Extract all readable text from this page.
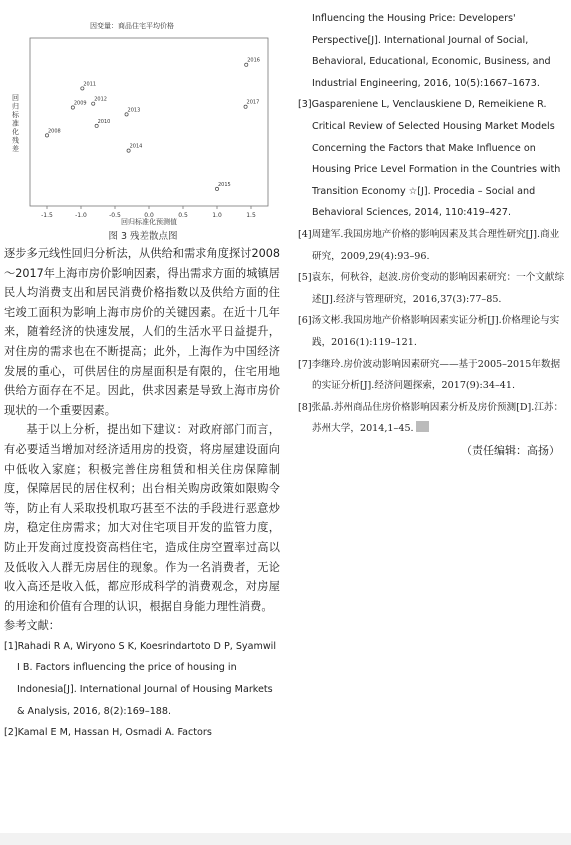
因变量：商品住宅平均价格
回归标准化预测值
回归标准化残差
-1.5	-1.0	-0.5	0.0	0.5	1.0	1.5
2008
2009
2011
2012
2010
2013
2014
2015
2016
2017
图 3 残差散点图

逐步多元线性回归分析法，从供给和需求角度探讨2008～2017年上海市房价影响因素，得出需求方面的城镇居民人均消费支出和居民消费价格指数以及供给方面的住宅竣工面积为影响上海市房价的关键因素。在近十几年来，随着经济的快速发展，人们的生活水平日益提升，对住房的需求也在不断提高；此外，上海作为中国经济发展的重心，可供居住的房屋面积是有限的，住宅用地供给方面存在不足。因此，供求因素是导致上海市房价现状的一个重要因素。

基于以上分析，提出如下建议：对政府部门而言，有必要适当增加对经济适用房的投资，将房屋建设面向中低收入家庭；积极完善住房租赁和相关住房保障制度，保障居民的居住权利；出台相关购房政策如限购令等，防止有人采取投机取巧甚至不法的手段进行恶意炒房，稳定住房需求；加大对住宅项目开发的监管力度，防止开发商过度投资高档住宅，造成住房空置率过高以及低收入人群无房居住的现象。作为一名消费者，无论收入高还是收入低，都应形成科学的消费观念，对房屋的用途和价值有合理的认识，根据自身能力理性消费。

参考文献：

[1]Rahadi R A, Wiryono S K, Koesrindartoto D P, Syamwil I B. Factors influencing the price of housing in Indonesia[J]. International Journal of Housing Markets & Analysis, 2016, 8(2):169–188.

[2]Kamal E M, Hassan H, Osmadi A. Factors

Influencing the Housing Price: Developers' Perspective[J]. International Journal of Social, Behavioral, Educational, Economic, Business, and Industrial Engineering, 2016, 10(5):1667–1673.

[3]Gaspareniene L, Venclauskiene D, Remeikiene R. Critical Review of Selected Housing Market Models Concerning the Factors that Make Influence on Housing Price Level Formation in the Countries with Transition Economy ☆[J]. Procedia – Social and Behavioral Sciences, 2014, 110:419–427.

[4]周建军.我国房地产价格的影响因素及其合理性研究[J].商业研究，2009,29(4):93–96.

[5]袁东，何秋谷，赵波.房价变动的影响因素研究：一个文献综述[J].经济与管理研究，2016,37(3):77–85.

[6]汤文彬.我国房地产价格影响因素实证分析[J].价格理论与实践，2016(1):119–121.

[7]李继玲.房价波动影响因素研究——基于2005–2015年数据的实证分析[J].经济问题探索，2017(9):34–41.

[8]张晶.苏州商品住房价格影响因素分析及房价预测[D].江苏：苏州大学，2014,1–45.

（责任编辑：高扬）
